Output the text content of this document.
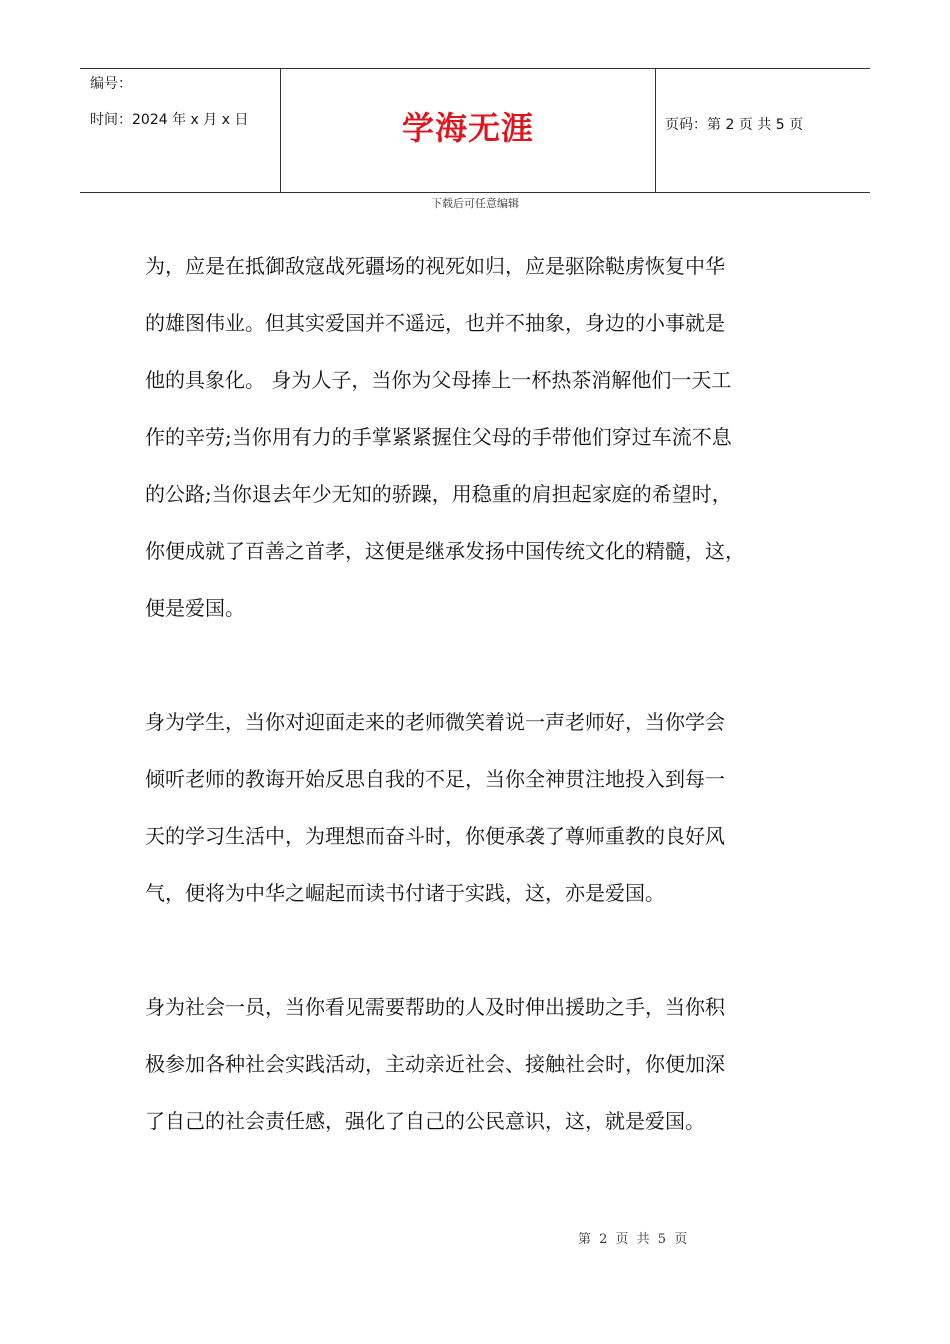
编号：
时间：2024 年 x 月 x 日	学海无涯	页码：第 2 页 共 5 页
下载后可任意编辑

为，应是在抵御敌寇战死疆场的视死如归，应是驱除鞑虏恢复中华

的雄图伟业。但其实爱国并不遥远，也并不抽象，身边的小事就是

他的具象化。 身为人子，当你为父母捧上一杯热茶消解他们一天工

作的辛劳;当你用有力的手掌紧紧握住父母的手带他们穿过车流不息

的公路;当你退去年少无知的骄躁，用稳重的肩担起家庭的希望时，

你便成就了百善之首孝，这便是继承发扬中国传统文化的精髓，这，

便是爱国。

身为学生，当你对迎面走来的老师微笑着说一声老师好，当你学会

倾听老师的教诲开始反思自我的不足，当你全神贯注地投入到每一

天的学习生活中，为理想而奋斗时，你便承袭了尊师重教的良好风

气，便将为中华之崛起而读书付诸于实践，这，亦是爱国。

身为社会一员，当你看见需要帮助的人及时伸出援助之手，当你积

极参加各种社会实践活动，主动亲近社会、接触社会时，你便加深

了自己的社会责任感，强化了自己的公民意识，这，就是爱国。

第 2 页 共 5 页
